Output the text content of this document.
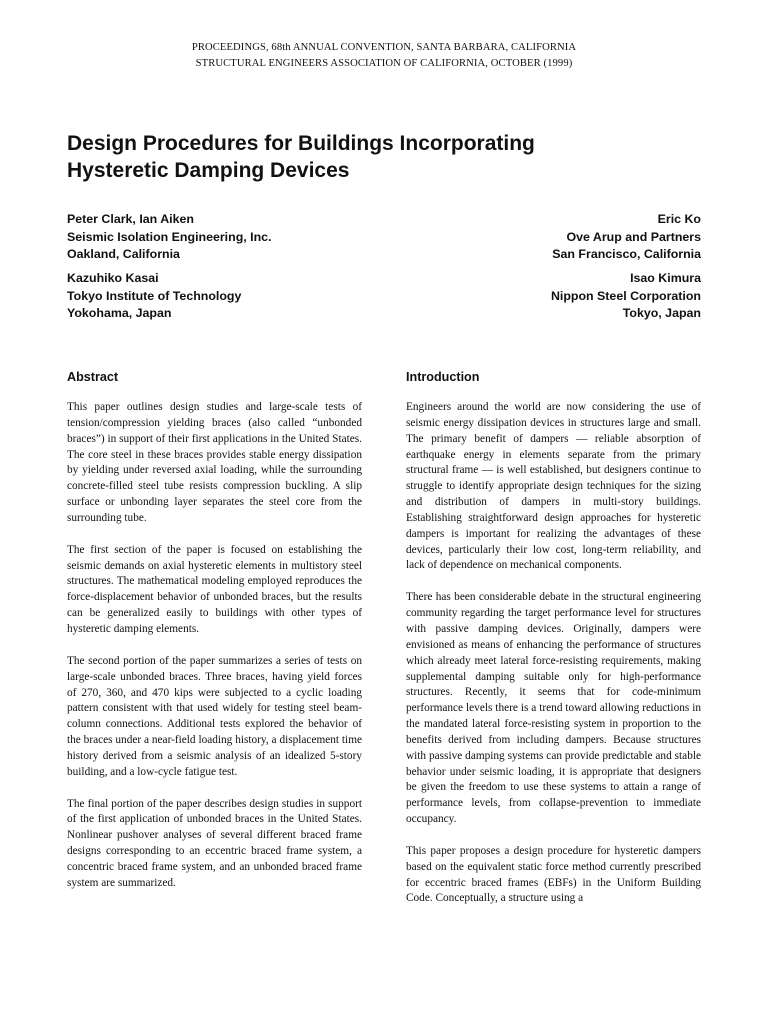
PROCEEDINGS, 68th ANNUAL CONVENTION, SANTA BARBARA, CALIFORNIA
STRUCTURAL ENGINEERS ASSOCIATION OF CALIFORNIA, OCTOBER (1999)
Design Procedures for Buildings Incorporating
Hysteretic Damping Devices
Peter Clark, Ian Aiken
Seismic Isolation Engineering, Inc.
Oakland, California
Eric Ko
Ove Arup and Partners
San Francisco, California
Kazuhiko Kasai
Tokyo Institute of Technology
Yokohama, Japan
Isao Kimura
Nippon Steel Corporation
Tokyo, Japan
Abstract

This paper outlines design studies and large-scale tests of tension/compression yielding braces (also called “unbonded braces”) in support of their first applications in the United States. The core steel in these braces provides stable energy dissipation by yielding under reversed axial loading, while the surrounding concrete-filled steel tube resists compression buckling. A slip surface or unbonding layer separates the steel core from the surrounding tube.

The first section of the paper is focused on establishing the seismic demands on axial hysteretic elements in multistory steel structures. The mathematical modeling employed reproduces the force-displacement behavior of unbonded braces, but the results can be generalized easily to buildings with other types of hysteretic damping elements.

The second portion of the paper summarizes a series of tests on large-scale unbonded braces. Three braces, having yield forces of 270, 360, and 470 kips were subjected to a cyclic loading pattern consistent with that used widely for testing steel beam-column connections. Additional tests explored the behavior of the braces under a near-field loading history, a displacement time history derived from a seismic analysis of an idealized 5-story building, and a low-cycle fatigue test.

The final portion of the paper describes design studies in support of the first application of unbonded braces in the United States. Nonlinear pushover analyses of several different braced frame designs corresponding to an eccentric braced frame system, a concentric braced frame system, and an unbonded braced frame system are summarized.

Introduction

Engineers around the world are now considering the use of seismic energy dissipation devices in structures large and small. The primary benefit of dampers — reliable absorption of earthquake energy in elements separate from the primary structural frame — is well established, but designers continue to struggle to identify appropriate design techniques for the sizing and distribution of dampers in multi-story buildings. Establishing straightforward design approaches for hysteretic dampers is important for realizing the advantages of these devices, particularly their low cost, long-term reliability, and lack of dependence on mechanical components.

There has been considerable debate in the structural engineering community regarding the target performance level for structures with passive damping devices. Originally, dampers were envisioned as means of enhancing the performance of structures which already meet lateral force-resisting requirements, making supplemental damping suitable only for high-performance structures. Recently, it seems that for code-minimum performance levels there is a trend toward allowing reductions in the mandated lateral force-resisting system in proportion to the benefits derived from including dampers. Because structures with passive damping systems can provide predictable and stable behavior under seismic loading, it is appropriate that designers be given the freedom to use these systems to attain a range of performance levels, from collapse-prevention to immediate occupancy.

This paper proposes a design procedure for hysteretic dampers based on the equivalent static force method currently prescribed for eccentric braced frames (EBFs) in the Uniform Building Code. Conceptually, a structure using a
